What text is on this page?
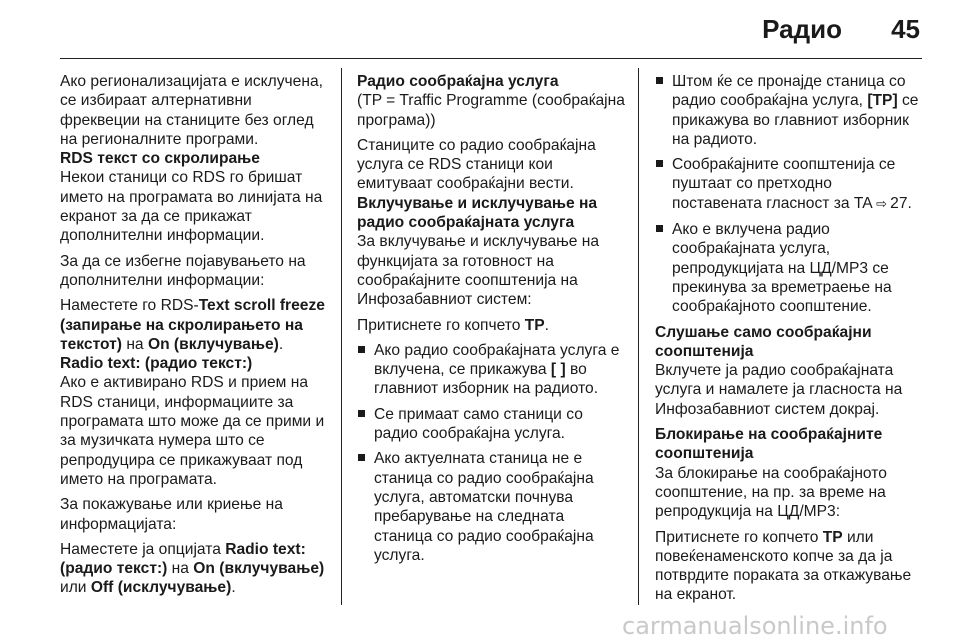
Радио 45

Ако регионализацијата е исклучена, се избираат алтернативни фреквеции на станиците без оглед на регионалните програми.

RDS текст со скролирање

Некои станици со RDS го бришат името на програмата во линијата на екранот за да се прикажат дополнителни информации.

За да се избегне појавувањето на дополнителни информации:

Наместете го RDS-Text scroll freeze (запирање на скролирањето на текстот) на On (вклучување).

Radio text: (радио текст:)

Ако е активирано RDS и прием на RDS станици, информациите за програмата што може да се прими и за музичката нумера што се репродуцира се прикажуваат под името на програмата.

За покажување или криење на информацијата:

Наместете ја опцијата Radio text: (радио текст:) на On (вклучување) или Off (исклучување).

Радио сообраќајна услуга

(TP = Traffic Programme (сообраќајна програма))

Станиците со радио сообраќајна услуга се RDS станици кои емитуваат сообраќајни вести.

Вклучување и исклучување на радио сообраќајната услуга

За вклучување и исклучување на функцијата за готовност на сообраќајните соопштенија на Инфозабавниот систем:

Притиснете го копчето TP.

Ако радио сообраќајната услуга е вклучена, се прикажува [ ] во главниот изборник на радиото.
Се примаат само станици со радио сообраќајна услуга.
Ако актуелната станица не е станица со радио сообраќајна услуга, автоматски почнува пребарување на следната станица со радио сообраќајна услуга.
Штом ќе се пронајде станица со радио сообраќајна услуга, [TP] се прикажува во главниот изборник на радиото.
Сообраќајните соопштенија се пуштаат со претходно поставената гласност за TA ⇨  27.
Ако е вклучена радио сообраќајната услуга, репродукцијата на ЦД/MP3 се прекинува за времетраење на сообраќајното соопштение.

Слушање само сообраќајни соопштенија

Вклучете ја радио сообраќајната услуга и намалете ја гласноста на Инфозабавниот систем докрај.

Блокирање на сообраќајните соопштенија

За блокирање на сообраќајното соопштение, на пр. за време на репродукција на ЦД/MP3:

Притиснете го копчето TP или повеќенаменското копче за да ја потврдите пораката за откажување на екранот.

carmanualsonline.info
